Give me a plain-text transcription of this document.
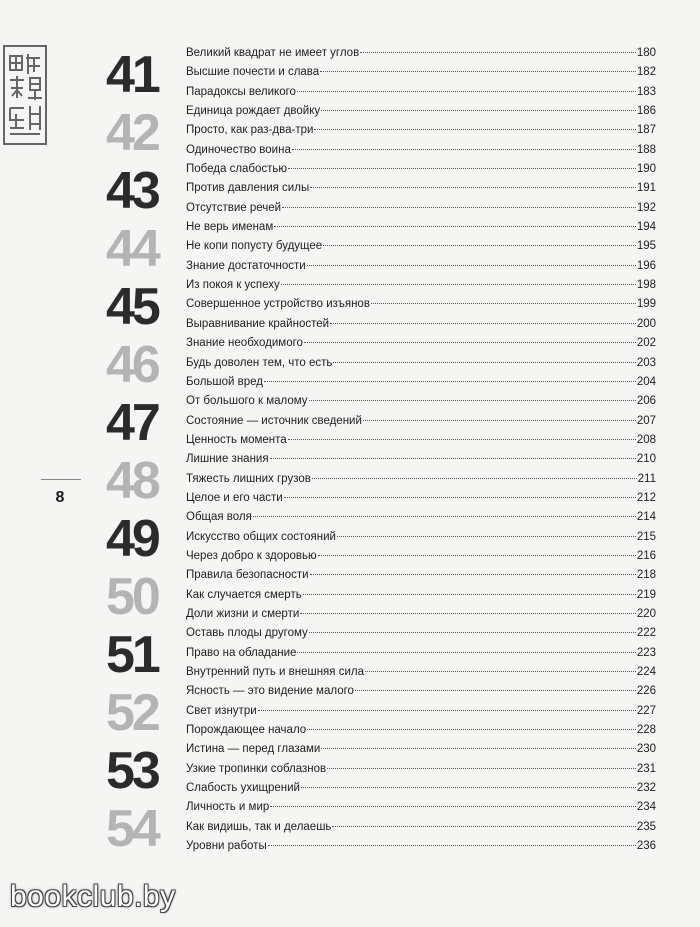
8
41
42
43
44
45
46
47
48
49
50
51
52
53
54
Великий квадрат не имеет углов	180
Высшие почести и слава	182
Парадоксы великого	183
Единица рождает двойку	186
Просто, как раз-два-три	187
Одиночество воина	188
Победа слабостью	190
Против давления силы	191
Отсутствие речей	192
Не верь именам	194
Не копи попусту будущее	195
Знание достаточности	196
Из покоя к успеху	198
Совершенное устройство изъянов	199
Выравнивание крайностей	200
Знание необходимого	202
Будь доволен тем, что есть	203
Большой вред	204
От большого к малому	206
Состояние — источник сведений	207
Ценность момента	208
Лишние знания	210
Тяжесть лишних грузов	211
Целое и его части	212
Общая воля	214
Искусство общих состояний	215
Через добро к здоровью	216
Правила безопасности	218
Как случается смерть	219
Доли жизни и смерти	220
Оставь плоды другому	222
Право на обладание	223
Внутренний путь и внешняя сила	224
Ясность — это видение малого	226
Свет изнутри	227
Порождающее начало	228
Истина — перед глазами	230
Узкие тропинки соблазнов	231
Слабость ухищрений	232
Личность и мир	234
Как видишь, так и делаешь	235
Уровни работы	236
bookclub.by
